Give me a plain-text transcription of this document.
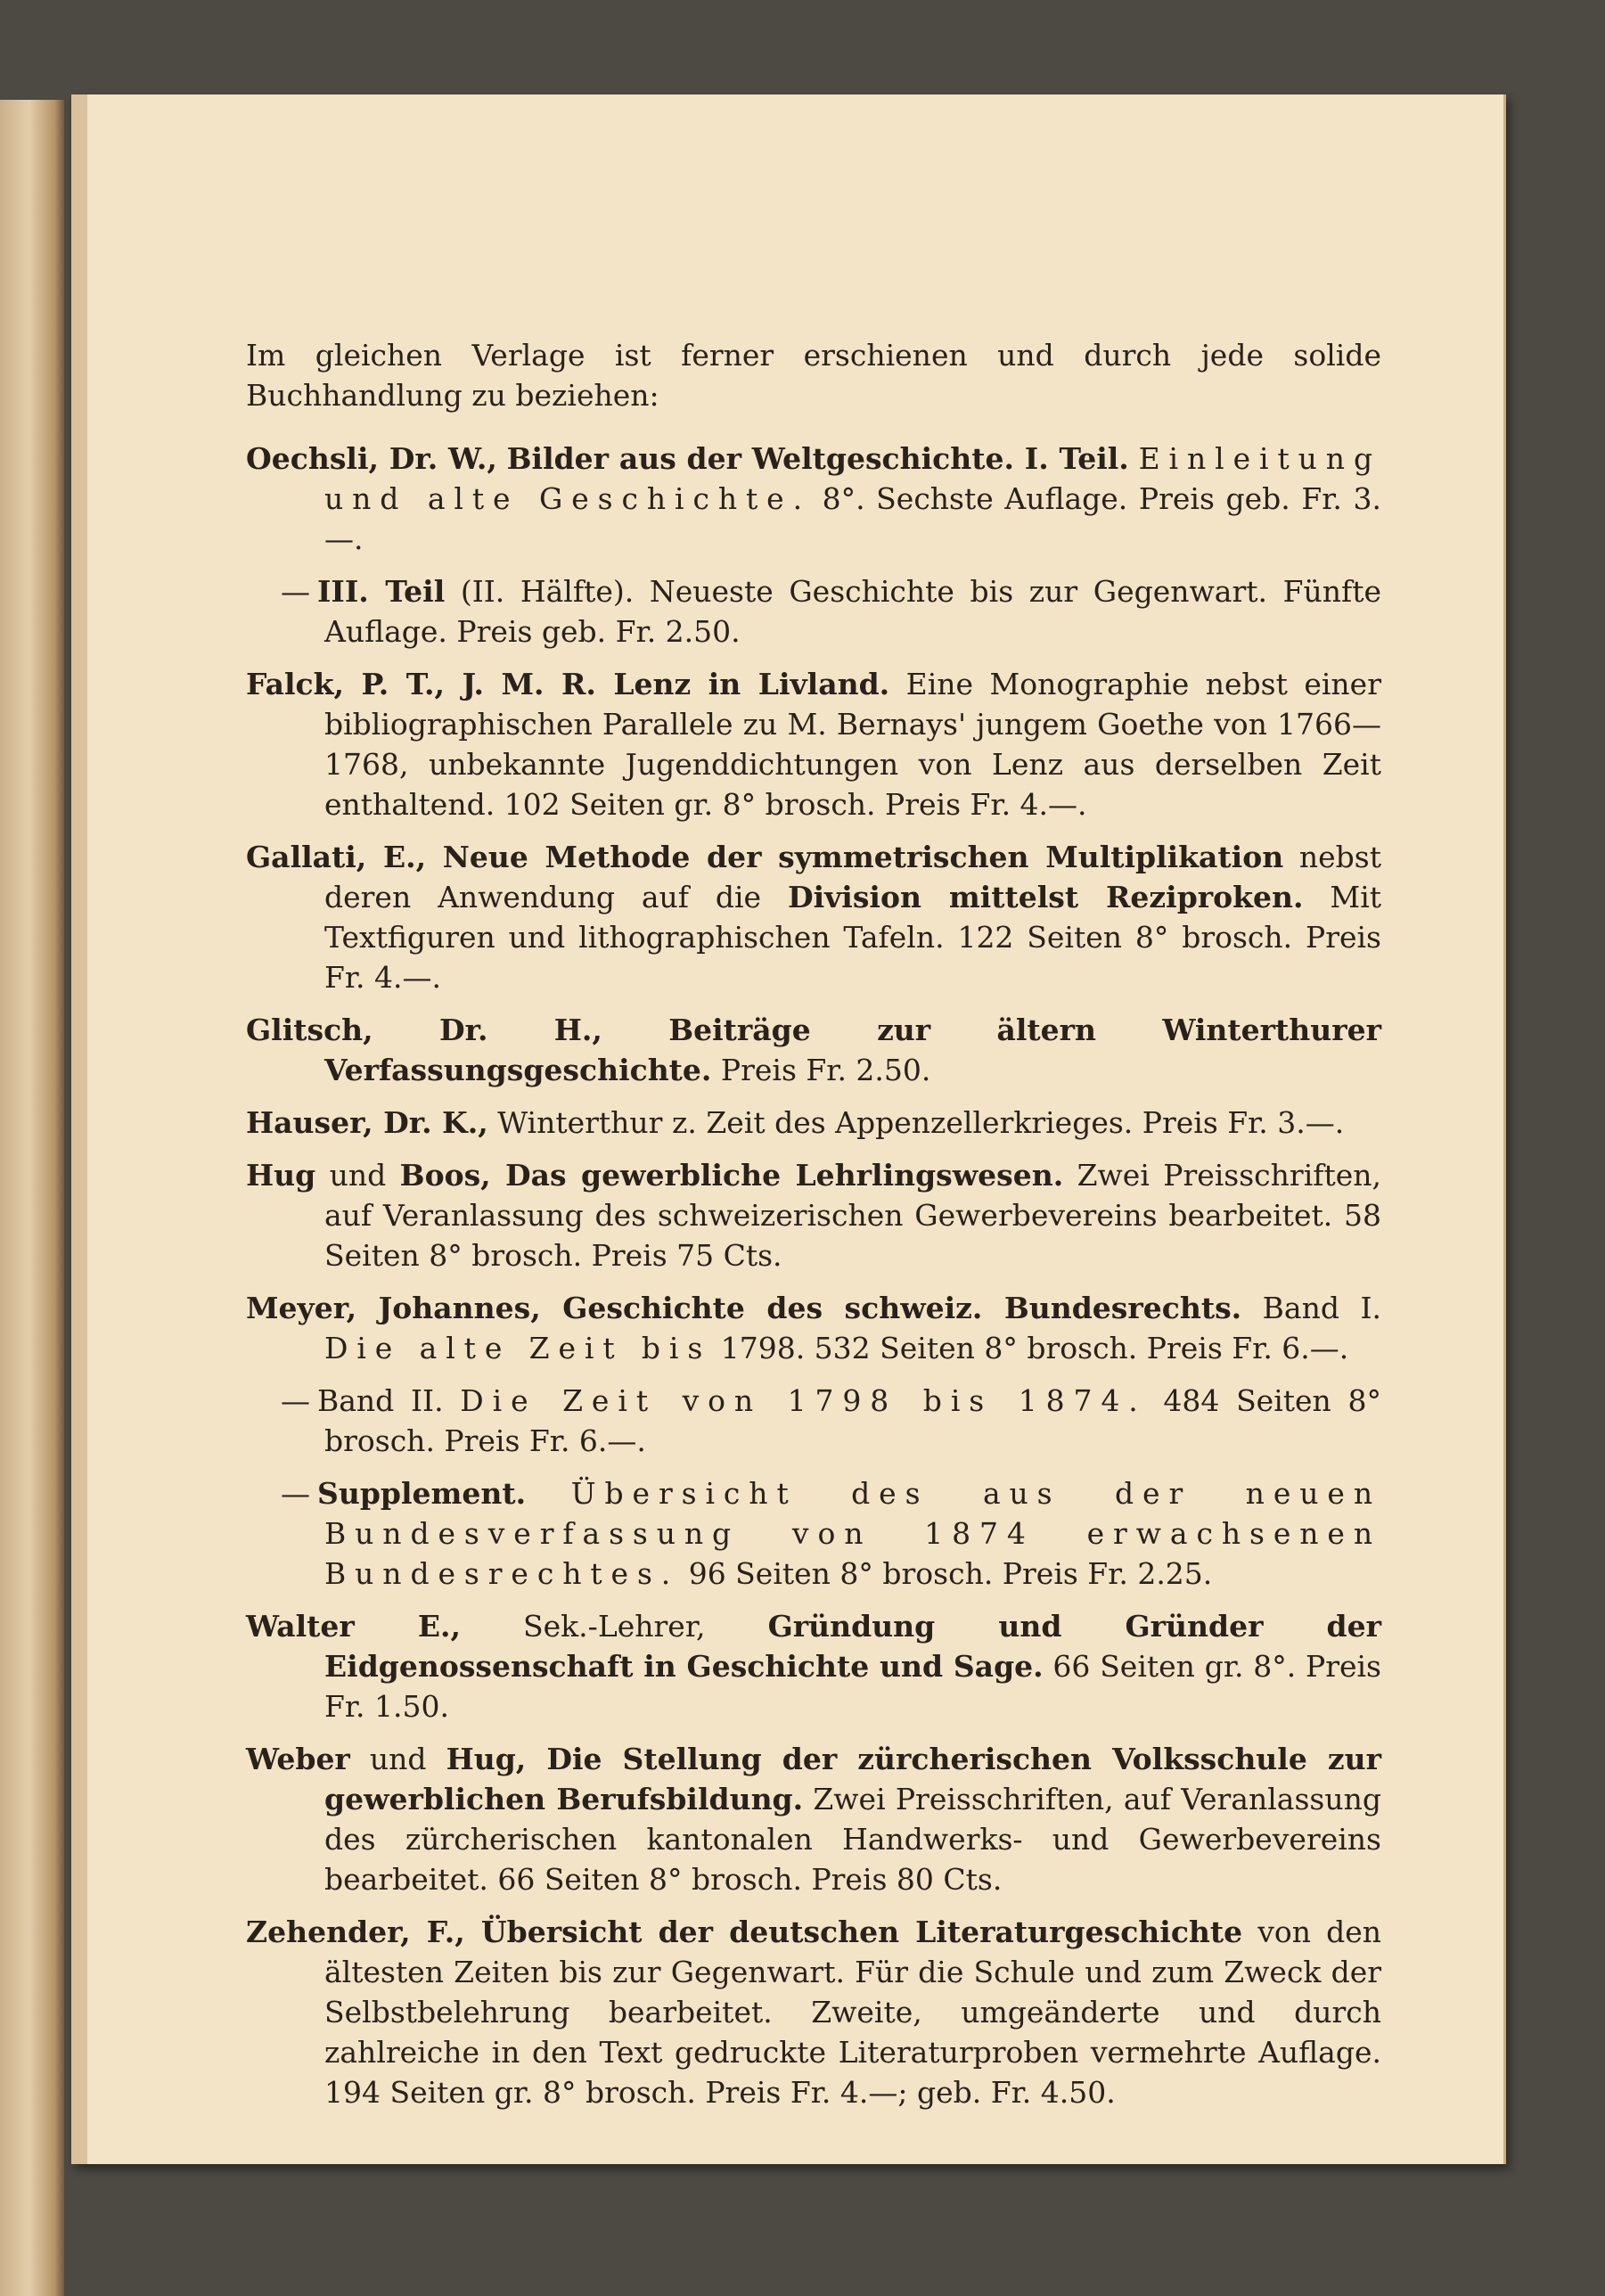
Im gleichen Verlage ist ferner erschienen und durch jede solide Buchhandlung zu beziehen:

Oechsli, Dr. W., Bilder aus der Weltgeschichte. I. Teil. Einleitung und alte Geschichte. 8°. Sechste Auflage. Preis geb. Fr. 3.—.

— III. Teil (II. Hälfte). Neueste Geschichte bis zur Gegenwart. Fünfte Auflage. Preis geb. Fr. 2.50.

Falck, P. T., J. M. R. Lenz in Livland. Eine Monographie nebst einer bibliographischen Parallele zu M. Bernays' jungem Goethe von 1766—1768, unbekannte Jugenddichtungen von Lenz aus derselben Zeit enthaltend. 102 Seiten gr. 8° brosch. Preis Fr. 4.—.

Gallati, E., Neue Methode der symmetrischen Multiplikation nebst deren Anwendung auf die Division mittelst Reziproken. Mit Textfiguren und lithographischen Tafeln. 122 Seiten 8° brosch. Preis Fr. 4.—.

Glitsch, Dr. H., Beiträge zur ältern Winterthurer Verfassungsgeschichte. Preis Fr. 2.50.

Hauser, Dr. K., Winterthur z. Zeit des Appenzellerkrieges. Preis Fr. 3.—.

Hug und Boos, Das gewerbliche Lehrlingswesen. Zwei Preisschriften, auf Veranlassung des schweizerischen Gewerbevereins bearbeitet. 58 Seiten 8° brosch. Preis 75 Cts.

Meyer, Johannes, Geschichte des schweiz. Bundesrechts. Band I. Die alte Zeit bis 1798. 532 Seiten 8° brosch. Preis Fr. 6.—.

— Band II. Die Zeit von 1798 bis 1874. 484 Seiten 8° brosch. Preis Fr. 6.—.

— Supplement. Übersicht des aus der neuen Bundesverfassung von 1874 erwachsenen Bundesrechtes. 96 Seiten 8° brosch. Preis Fr. 2.25.

Walter E., Sek.-Lehrer, Gründung und Gründer der Eidgenossenschaft in Geschichte und Sage. 66 Seiten gr. 8°. Preis Fr. 1.50.

Weber und Hug, Die Stellung der zürcherischen Volksschule zur gewerblichen Berufsbildung. Zwei Preisschriften, auf Veranlassung des zürcherischen kantonalen Handwerks- und Gewerbevereins bearbeitet. 66 Seiten 8° brosch. Preis 80 Cts.

Zehender, F., Übersicht der deutschen Literaturgeschichte von den ältesten Zeiten bis zur Gegenwart. Für die Schule und zum Zweck der Selbstbelehrung bearbeitet. Zweite, umgeänderte und durch zahlreiche in den Text gedruckte Literaturproben vermehrte Auflage. 194 Seiten gr. 8° brosch. Preis Fr. 4.—; geb. Fr. 4.50.
